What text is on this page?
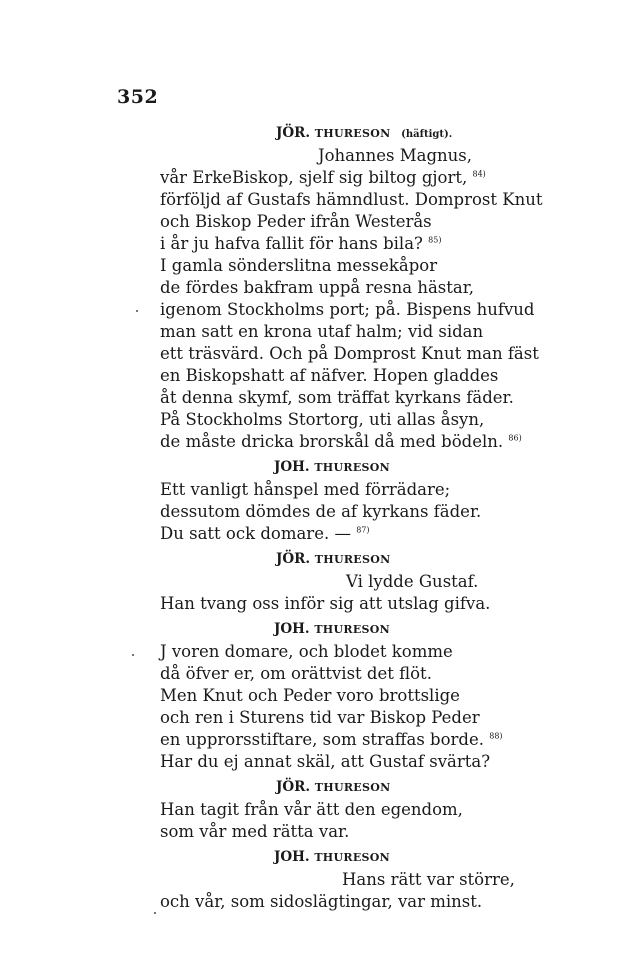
352
JÖR. THURESON (häftigt).
Johannes Magnus,
vår ErkeBiskop, sjelf sig biltog gjort, $^{84)}$
förföljd af Gustafs hämndlust. Domprost Knut
och Biskop Peder ifrån Westerås
i år ju hafva fallit för hans bila? $^{85)}$
I gamla sönderslitna messekåpor
de fördes bakfram uppå resna hästar,
igenom Stockholms port; på. Bispens hufvud
man satt en krona utaf halm; vid sidan
ett träsvärd. Och på Domprost Knut man fäst
en Biskopshatt af näfver. Hopen gladdes
åt denna skymf, som träffat kyrkans fäder.
På Stockholms Stortorg, uti allas åsyn,
de måste dricka brorskål då med bödeln. $^{86)}$
JOH. THURESON
Ett vanligt hånspel med förrädare;
dessutom dömdes de af kyrkans fäder.
Du satt ock domare. — $^{87)}$
JÖR. THURESON
Vi lydde Gustaf.
Han tvang oss inför sig att utslag gifva.
JOH. THURESON
J voren domare, och blodet komme
då öfver er, om orättvist det flöt.
Men Knut och Peder voro brottslige
och ren i Sturens tid var Biskop Peder
en upprorsstiftare, som straffas borde. $^{88)}$
Har du ej annat skäl, att Gustaf svärta?
JÖR. THURESON
Han tagit från vår ätt den egendom,
som vår med rätta var.
JOH. THURESON
Hans rätt var större,
och vår, som sidoslägtingar, var minst.
